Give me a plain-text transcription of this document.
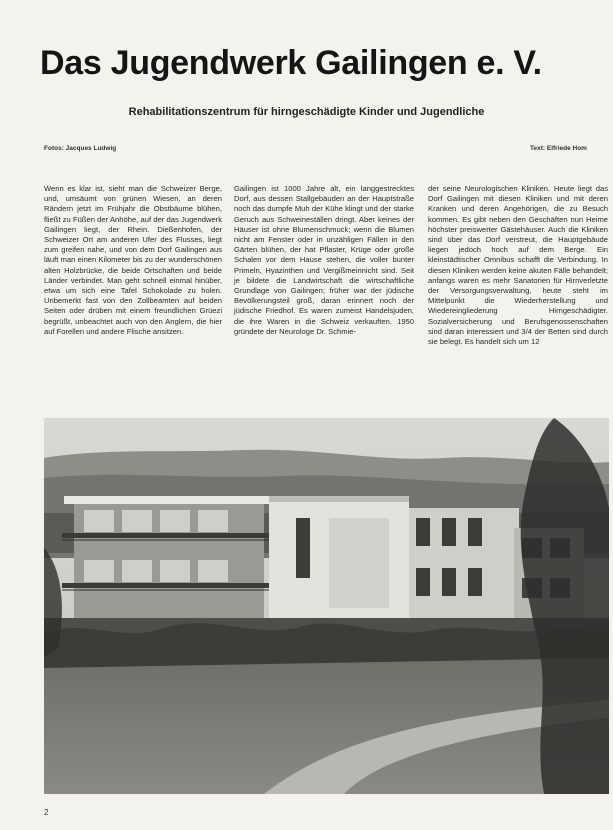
Das Jugendwerk Gailingen e. V.
Rehabilitationszentrum für hirngeschädigte Kinder und Jugendliche
Fotos: Jacques Ludwig	Text: Elfriede Hom

Wenn es klar ist, sieht man die Schweizer Berge, und, umsäumt von grünen Wiesen, an deren Rändern jetzt im Frühjahr die Obstbäume blühen, fließt zu Füßen der Anhöhe, auf der das Jugendwerk Gailingen liegt, der Rhein. Dießenhofen, der Schweizer Ort am anderen Ufer des Flusses, liegt zum greifen nahe, und von dem Dorf Gailingen aus läuft man einen Kilometer bis zu der wunderschönen alten Holzbrücke, die beide Ortschaften und beide Länder verbindet. Man geht schnell einmal hinüber, etwa um sich eine Tafel Schokolade zu holen. Unbemerkt fast von den Zollbeamten auf beiden Seiten oder drüben mit einem freundlichen Grüezi begrüßt, unbeachtet auch von den Anglern, die hier auf Forellen und andere Flische ansitzen.

Gailingen ist 1000 Jahre alt, ein langgestrecktes Dorf, aus dessen Stallgebäuden an der Hauptstraße noch das dumpfe Muh der Kühe klingt und der starke Geruch aus Schweineställen dringt. Aber keines der Häuser ist ohne Blumenschmuck; wenn die Blumen nicht am Fenster oder in unzähligen Fällen in den Gärten blühen, der hat Pflaster, Krüge oder große Schalen vor dem Hause stehen, die voller bunter Primeln, Hyazinthen und Vergißmeinnicht sind. Seit je bildete die Landwirtschaft die wirtschaftliche Grundlage von Gailingen; früher war der jüdische Bevölkerungsteil groß, daran erinnert noch der jüdische Friedhof. Es waren zumeist Handelsjuden, die ihre Waren in die Schweiz verkauften. 1950 gründete der Neurologe Dr. Schmie-

der seine Neurologischen Kliniken. Heute liegt das Dorf Gailingen mit diesen Kliniken und mit deren Kranken und deren Angehörigen, die zu Besuch kommen. Es gibt neben den Geschäften nun Heime höchster preiswerter Gästehäuser. Auch die Kliniken sind über das Dorf verstreut, die Hauptgebäude liegen jedoch hoch auf dem Berge. Ein kleinstädtischer Omnibus schafft die Verbindung. In diesen Kliniken werden keine akuten Fälle behandelt; anfangs waren es mehr Sanatorien für Hirnverletzte der Versorgungsverwaltung, heute steht im Mittelpunkt die Wiederherstellung und Wiedereingliederung Hirngeschädigter. Sozialversicherung und Berufsgenossenschaften sind daran interessiert und 3/4 der Betten sind durch sie belegt. Es handelt sich um 12

2
